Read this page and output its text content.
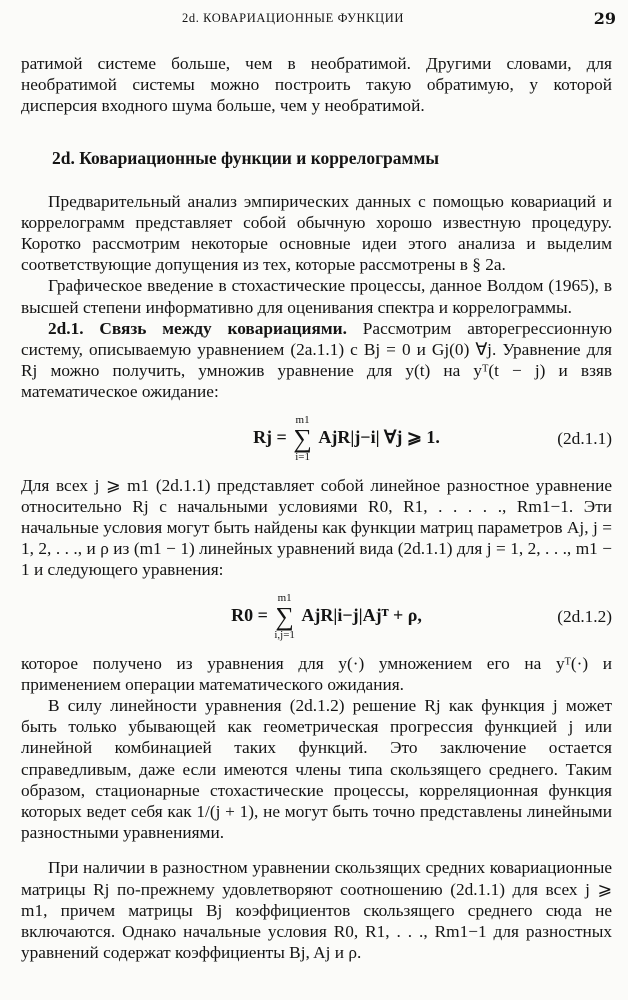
2d. КОВАРИАЦИОННЫЕ ФУНКЦИИ	29

ратимой системе больше, чем в необратимой. Другими словами, для необратимой системы можно построить такую обратимую, у которой дисперсия входного шума больше, чем у необратимой.

2d. Ковариационные функции и коррелограммы

Предварительный анализ эмпирических данных с помощью ковариаций и коррелограмм представляет собой обычную хорошо известную процедуру. Коротко рассмотрим некоторые основные идеи этого анализа и выделим соответствующие допущения из тех, которые рассмотрены в § 2a.

Графическое введение в стохастические процессы, данное Волдом (1965), в высшей степени информативно для оценивания спектра и коррелограммы.

2d.1. Связь между ковариациями. Рассмотрим авторегрессионную систему, описываемую уравнением (2a.1.1) с Bj = 0 и Gj(0) ∀j. Уравнение для Rj можно получить, умножив уравнение для y(t) на yᵀ(t − j) и взяв математическое ожидание:

Rj =
m1
∑
i=1
AjR|j−i| ∀j ⩾ 1.	(2d.1.1)

Для всех j ⩾ m1 (2d.1.1) представляет собой линейное разностное уравнение относительно Rj с начальными условиями R0, R1, . . . . ., Rm1−1. Эти начальные условия могут быть найдены как функции матриц параметров Aj, j = 1, 2, . . ., и ρ из (m1 − 1) линейных уравнений вида (2d.1.1) для j = 1, 2, . . ., m1 − 1 и следующего уравнения:

R0 =
m1
∑
i,j=1
AjR|i−j|Ajᵀ + ρ,	(2d.1.2)

которое получено из уравнения для y(·) умножением его на yᵀ(·) и применением операции математического ожидания.

В силу линейности уравнения (2d.1.2) решение Rj как функция j может быть только убывающей как геометрическая прогрессия функцией j или линейной комбинацией таких функций. Это заключение остается справедливым, даже если имеются члены типа скользящего среднего. Таким образом, стационарные стохастические процессы, корреляционная функция которых ведет себя как 1/(j + 1), не могут быть точно представлены линейными разностными уравнениями.

При наличии в разностном уравнении скользящих средних ковариационные матрицы Rj по-прежнему удовлетворяют соотношению (2d.1.1) для всех j ⩾ m1, причем матрицы Bj коэффициентов скользящего среднего сюда не включаются. Однако начальные условия R0, R1, . . ., Rm1−1 для разностных уравнений содержат коэффициенты Bj, Aj и ρ.
